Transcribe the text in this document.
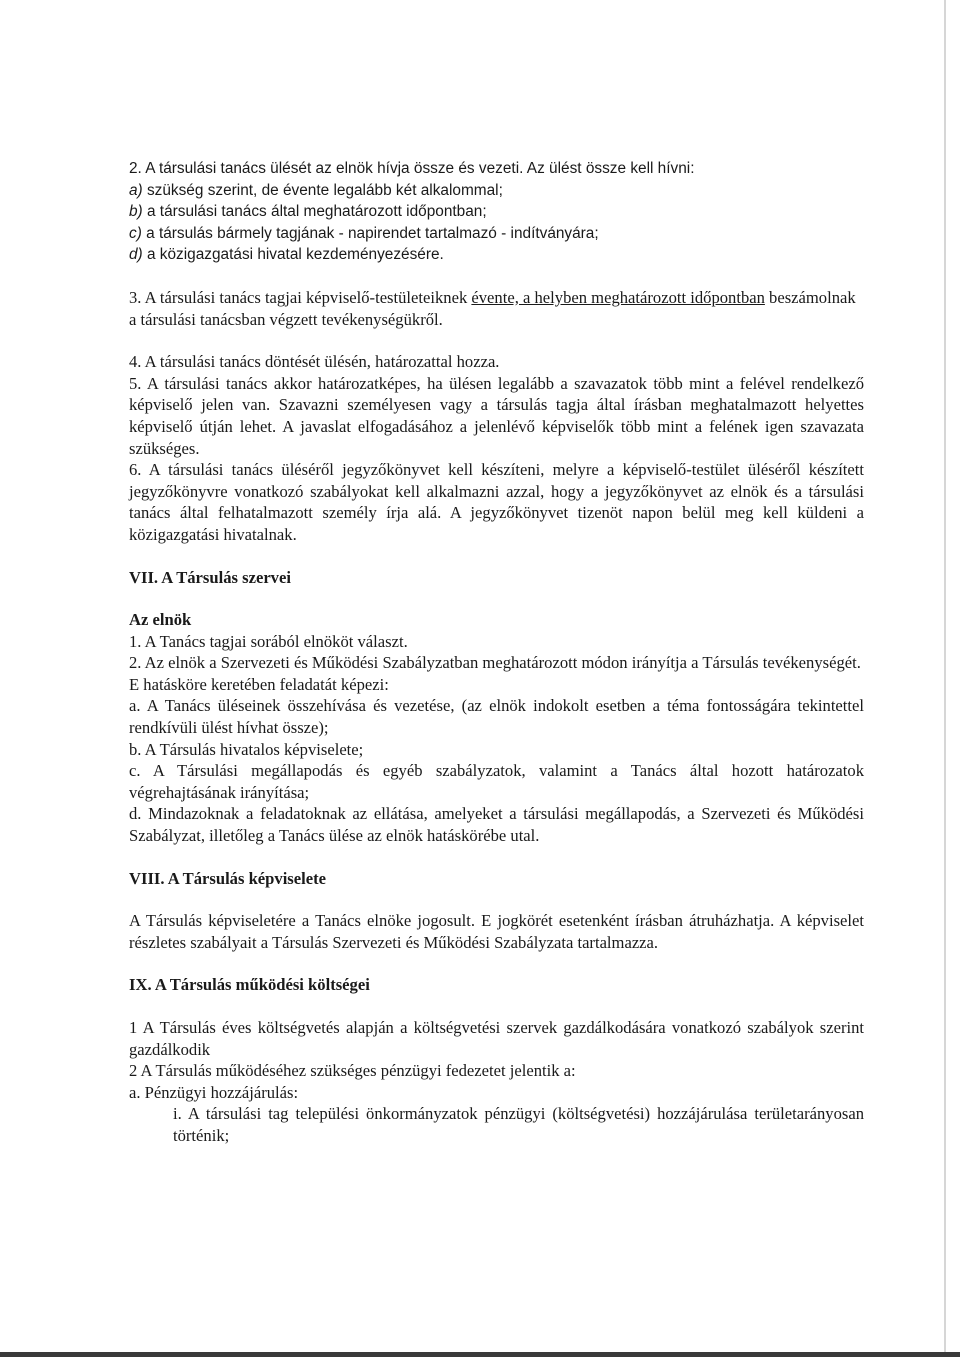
2. A társulási tanács ülését az elnök hívja össze és vezeti. Az ülést össze kell hívni:

a) szükség szerint, de évente legalább két alkalommal;

b) a társulási tanács által meghatározott időpontban;

c) a társulás bármely tagjának - napirendet tartalmazó - indítványára;

d) a közigazgatási hivatal kezdeményezésére.

3. A társulási tanács tagjai képviselő-testületeiknek évente, a helyben meghatározott időpontban beszámolnak a társulási tanácsban végzett tevékenységükről.

4. A társulási tanács döntését ülésén, határozattal hozza.

5. A társulási tanács akkor határozatképes, ha ülésen legalább a szavazatok több mint a felével rendelkező képviselő jelen van. Szavazni személyesen vagy a társulás tagja által írásban meghatalmazott helyettes képviselő útján lehet. A javaslat elfogadásához a jelenlévő képviselők több mint a felének igen szavazata szükséges.

6. A társulási tanács üléséről jegyzőkönyvet kell készíteni, melyre a képviselő-testület üléséről készített jegyzőkönyvre vonatkozó szabályokat kell alkalmazni azzal, hogy a jegyzőkönyvet az elnök és a társulási tanács által felhatalmazott személy írja alá. A jegyzőkönyvet tizenöt napon belül meg kell küldeni a közigazgatási hivatalnak.

VII. A Társulás szervei

Az elnök

1. A Tanács tagjai sorából elnököt választ.

2. Az elnök a Szervezeti és Működési Szabályzatban meghatározott módon irányítja a Társulás tevékenységét.

E hatásköre keretében feladatát képezi:

a. A Tanács üléseinek összehívása és vezetése, (az elnök indokolt esetben a téma fontosságára tekintettel rendkívüli ülést hívhat össze);

b. A Társulás hivatalos képviselete;

c. A Társulási megállapodás és egyéb szabályzatok, valamint a Tanács által hozott határozatok végrehajtásának irányítása;

d. Mindazoknak a feladatoknak az ellátása, amelyeket a társulási megállapodás, a Szervezeti és Működési Szabályzat, illetőleg a Tanács ülése az elnök hatáskörébe utal.

VIII. A Társulás képviselete

A Társulás képviseletére a Tanács elnöke jogosult. E jogkörét esetenként írásban átruházhatja. A képviselet részletes szabályait a Társulás Szervezeti és Működési Szabályzata tartalmazza.

IX. A Társulás működési költségei

1 A Társulás éves költségvetés alapján a költségvetési szervek gazdálkodására vonatkozó szabályok szerint gazdálkodik

2 A Társulás működéséhez szükséges pénzügyi fedezetet jelentik a:

a. Pénzügyi hozzájárulás:

i. A társulási tag települési önkormányzatok pénzügyi (költségvetési) hozzájárulása területarányosan történik;
